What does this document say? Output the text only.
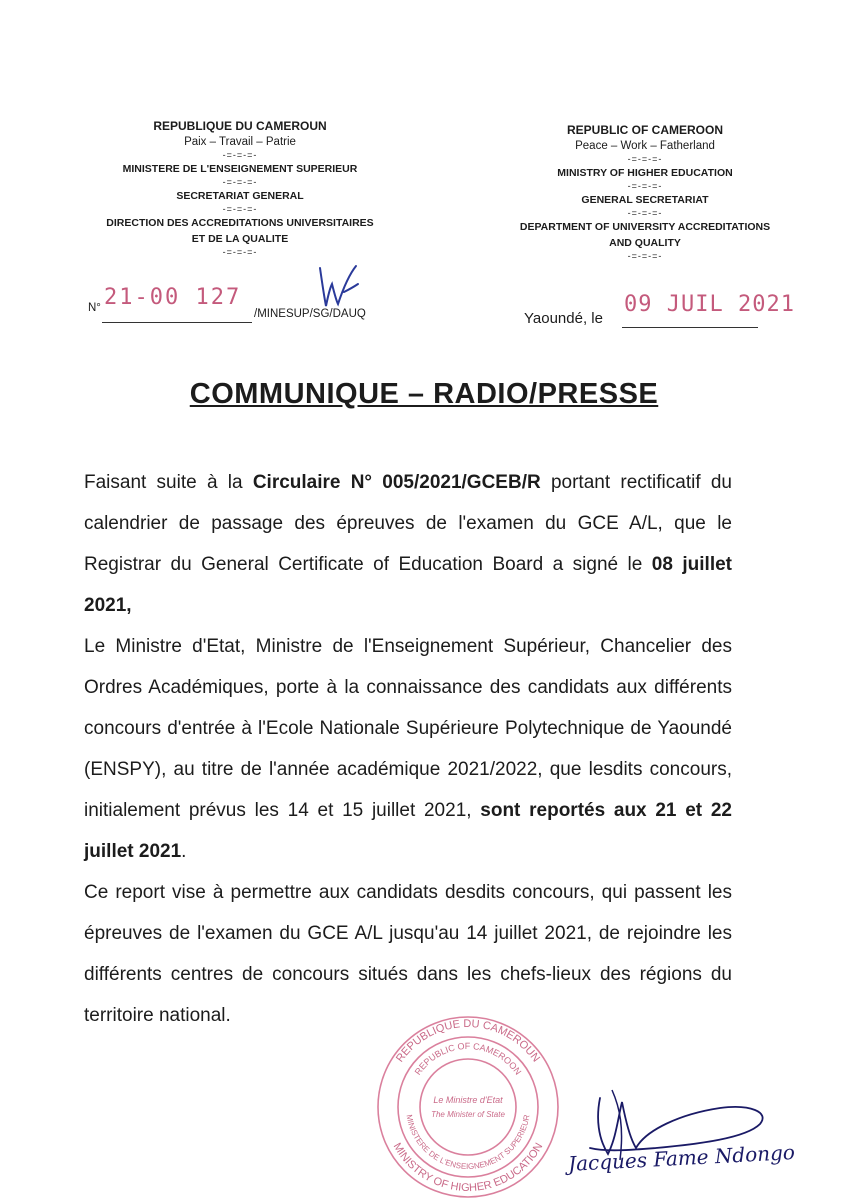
REPUBLIQUE DU CAMEROUN
Paix – Travail – Patrie
-=-=-=-
MINISTERE DE L'ENSEIGNEMENT SUPERIEUR
-=-=-=-
SECRETARIAT GENERAL
-=-=-=-
DIRECTION DES ACCREDITATIONS UNIVERSITAIRES
ET DE LA QUALITE
-=-=-=-
REPUBLIC OF CAMEROON
Peace – Work – Fatherland
-=-=-=-
MINISTRY OF HIGHER EDUCATION
-=-=-=-
GENERAL SECRETARIAT
-=-=-=-
DEPARTMENT OF UNIVERSITY ACCREDITATIONS
AND QUALITY
-=-=-=-
N° 21-00 127
/MINESUP/SG/DAUQ	Yaoundé, le
09 JUIL 2021
COMMUNIQUE – RADIO/PRESSE

Faisant suite à la Circulaire N° 005/2021/GCEB/R portant rectificatif du calendrier de passage des épreuves de l'examen du GCE A/L, que le Registrar du General Certificate of Education Board a signé le 08 juillet 2021,

Le Ministre d'Etat, Ministre de l'Enseignement Supérieur, Chancelier des Ordres Académiques, porte à la connaissance des candidats aux différents concours d'entrée à l'Ecole Nationale Supérieure Polytechnique de Yaoundé (ENSPY), au titre de l'année académique 2021/2022, que lesdits concours, initialement prévus les 14 et 15 juillet 2021, sont reportés aux 21 et 22 juillet 2021.

Ce report vise à permettre aux candidats desdits concours, qui passent les épreuves de l'examen du GCE A/L jusqu'au 14 juillet 2021, de rejoindre les différents centres de concours situés dans les chefs-lieux des régions du territoire national.

REPUBLIQUE DU CAMEROUN
MINISTRY OF HIGHER EDUCATION
REPUBLIC OF CAMEROON
MINISTERE DE L'ENSEIGNEMENT SUPERIEUR
Le Ministre d'Etat
The Minister of State
Jacques Fame Ndongo
